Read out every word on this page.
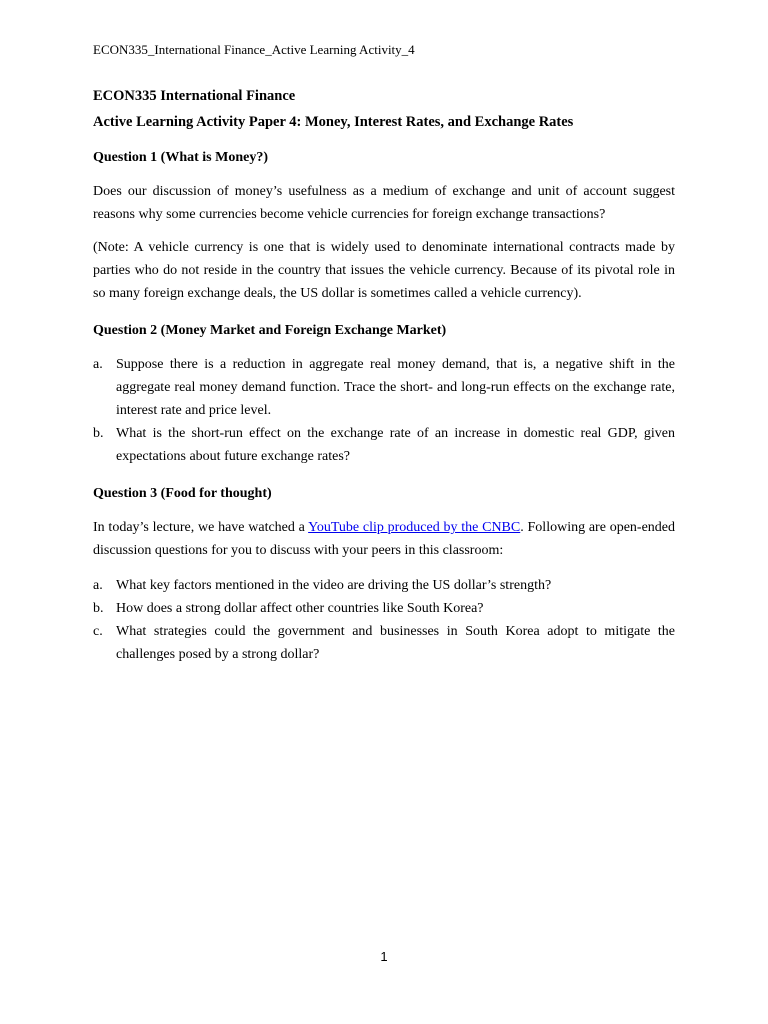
ECON335_International Finance_Active Learning Activity_4
ECON335 International Finance
Active Learning Activity Paper 4: Money, Interest Rates, and Exchange Rates
Question 1 (What is Money?)

Does our discussion of money’s usefulness as a medium of exchange and unit of account suggest reasons why some currencies become vehicle currencies for foreign exchange transactions?

(Note: A vehicle currency is one that is widely used to denominate international contracts made by parties who do not reside in the country that issues the vehicle currency. Because of its pivotal role in so many foreign exchange deals, the US dollar is sometimes called a vehicle currency).

Question 2 (Money Market and Foreign Exchange Market)
a. Suppose there is a reduction in aggregate real money demand, that is, a negative shift in the aggregate real money demand function. Trace the short- and long-run effects on the exchange rate, interest rate and price level.
b. What is the short-run effect on the exchange rate of an increase in domestic real GDP, given expectations about future exchange rates?
Question 3 (Food for thought)

In today’s lecture, we have watched a YouTube clip produced by the CNBC. Following are open-ended discussion questions for you to discuss with your peers in this classroom:

a. What key factors mentioned in the video are driving the US dollar’s strength?
b. How does a strong dollar affect other countries like South Korea?
c. What strategies could the government and businesses in South Korea adopt to mitigate the challenges posed by a strong dollar?
1
